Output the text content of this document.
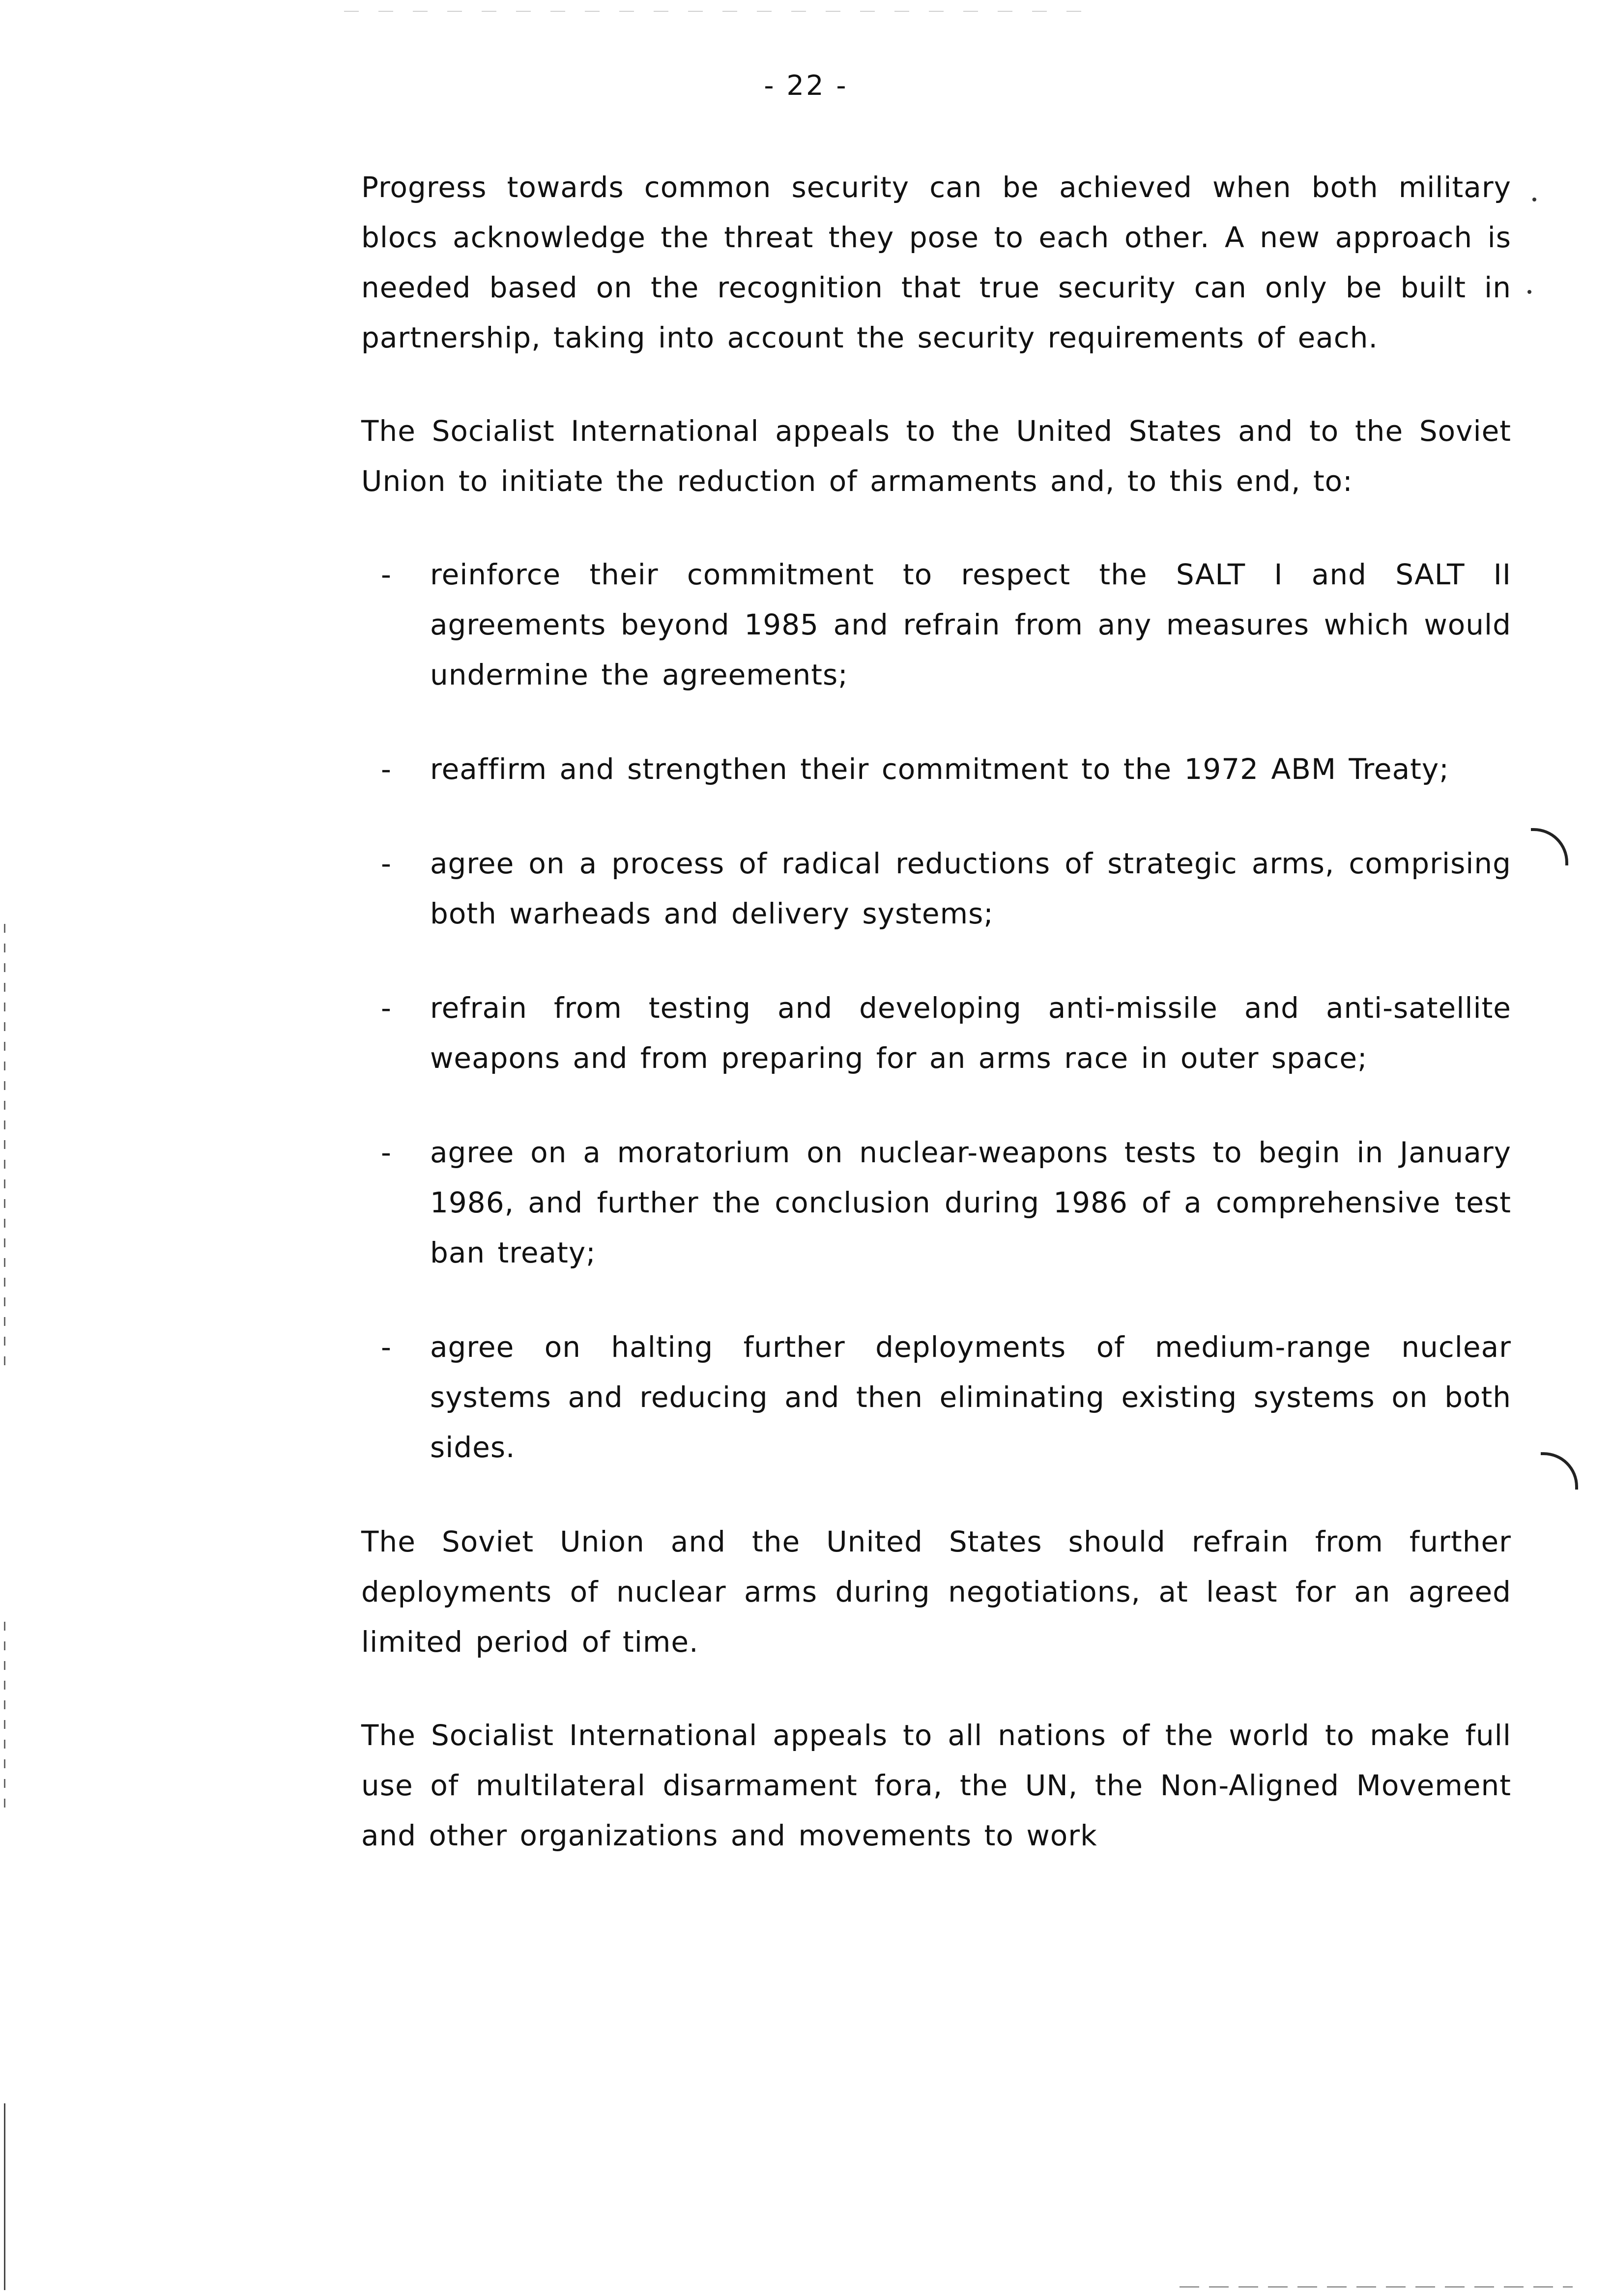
- 22 -

Progress towards common security can be achieved when both military blocs acknowledge the threat they pose to each other. A new approach is needed based on the recognition that true security can only be built in partnership, taking into account the security requirements of each.

The Socialist International appeals to the United States and to the Soviet Union to initiate the reduction of armaments and, to this end, to:

- reinforce their commitment to respect the SALT I and SALT II agreements beyond 1985 and refrain from any measures which would undermine the agreements;
- reaffirm and strengthen their commitment to the 1972 ABM Treaty;
- agree on a process of radical reductions of strategic arms, comprising both warheads and delivery systems;
- refrain from testing and developing anti-missile and anti-satellite weapons and from preparing for an arms race in outer space;
- agree on a moratorium on nuclear-weapons tests to begin in January 1986, and further the conclusion during 1986 of a comprehensive test ban treaty;
- agree on halting further deployments of medium-range nuclear systems and reducing and then eliminating existing systems on both sides.

The Soviet Union and the United States should refrain from further deployments of nuclear arms during negotiations, at least for an agreed limited period of time.

The Socialist International appeals to all nations of the world to make full use of multilateral disarmament fora, the UN, the Non-Aligned Movement and other organizations and movements to work
